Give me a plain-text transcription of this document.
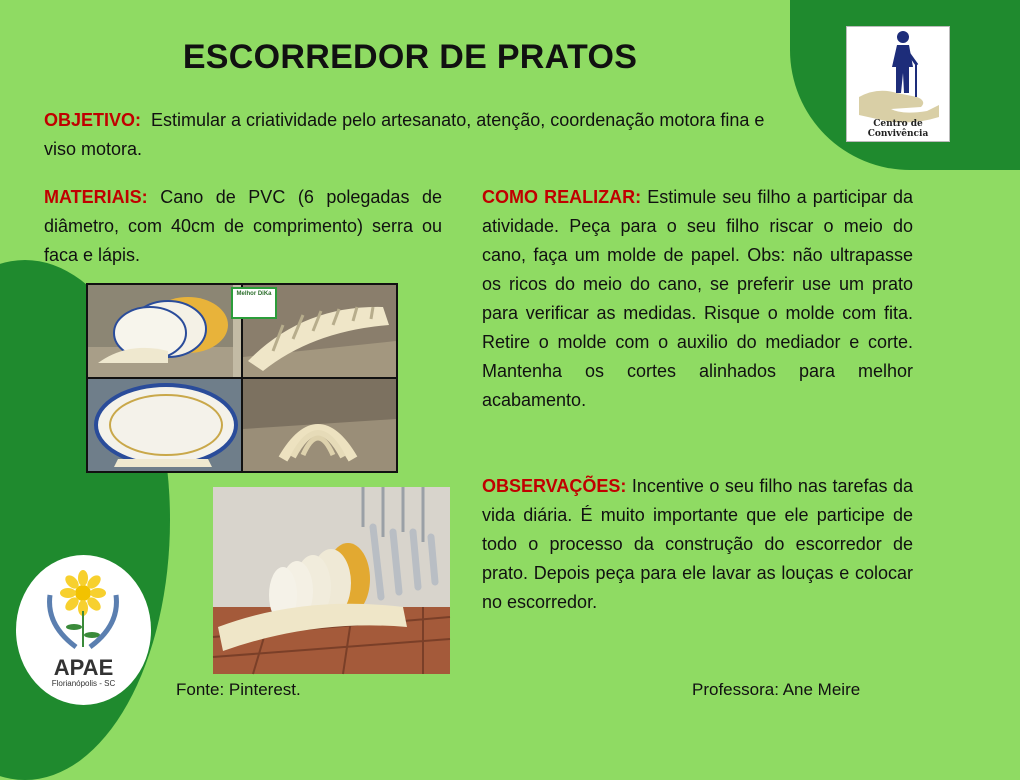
ESCORREDOR DE PRATOS
Centro de Convivência
OBJETIVO: Estimular a criatividade pelo artesanato, atenção, coordenação motora fina e viso motora.
MATERIAIS: Cano de PVC (6 polegadas de diâmetro, com 40cm de comprimento) serra ou faca e lápis.
COMO REALIZAR: Estimule seu filho a participar da atividade. Peça para o seu filho riscar o meio do cano, faça um molde de papel. Obs: não ultrapasse os ricos do meio do cano, se preferir use um prato para verificar as medidas. Risque o molde com fita. Retire o molde com o auxilio do mediador e corte. Mantenha os cortes alinhados para melhor acabamento.
OBSERVAÇÕES: Incentive o seu filho nas tarefas da vida diária. É muito importante que ele participe de todo o processo da construção do escorredor de prato. Depois peça para ele lavar as louças e colocar no escorredor.
Melhor DiKa
APAE
Florianópolis - SC	Fonte: Pinterest.	Professora: Ane Meire
